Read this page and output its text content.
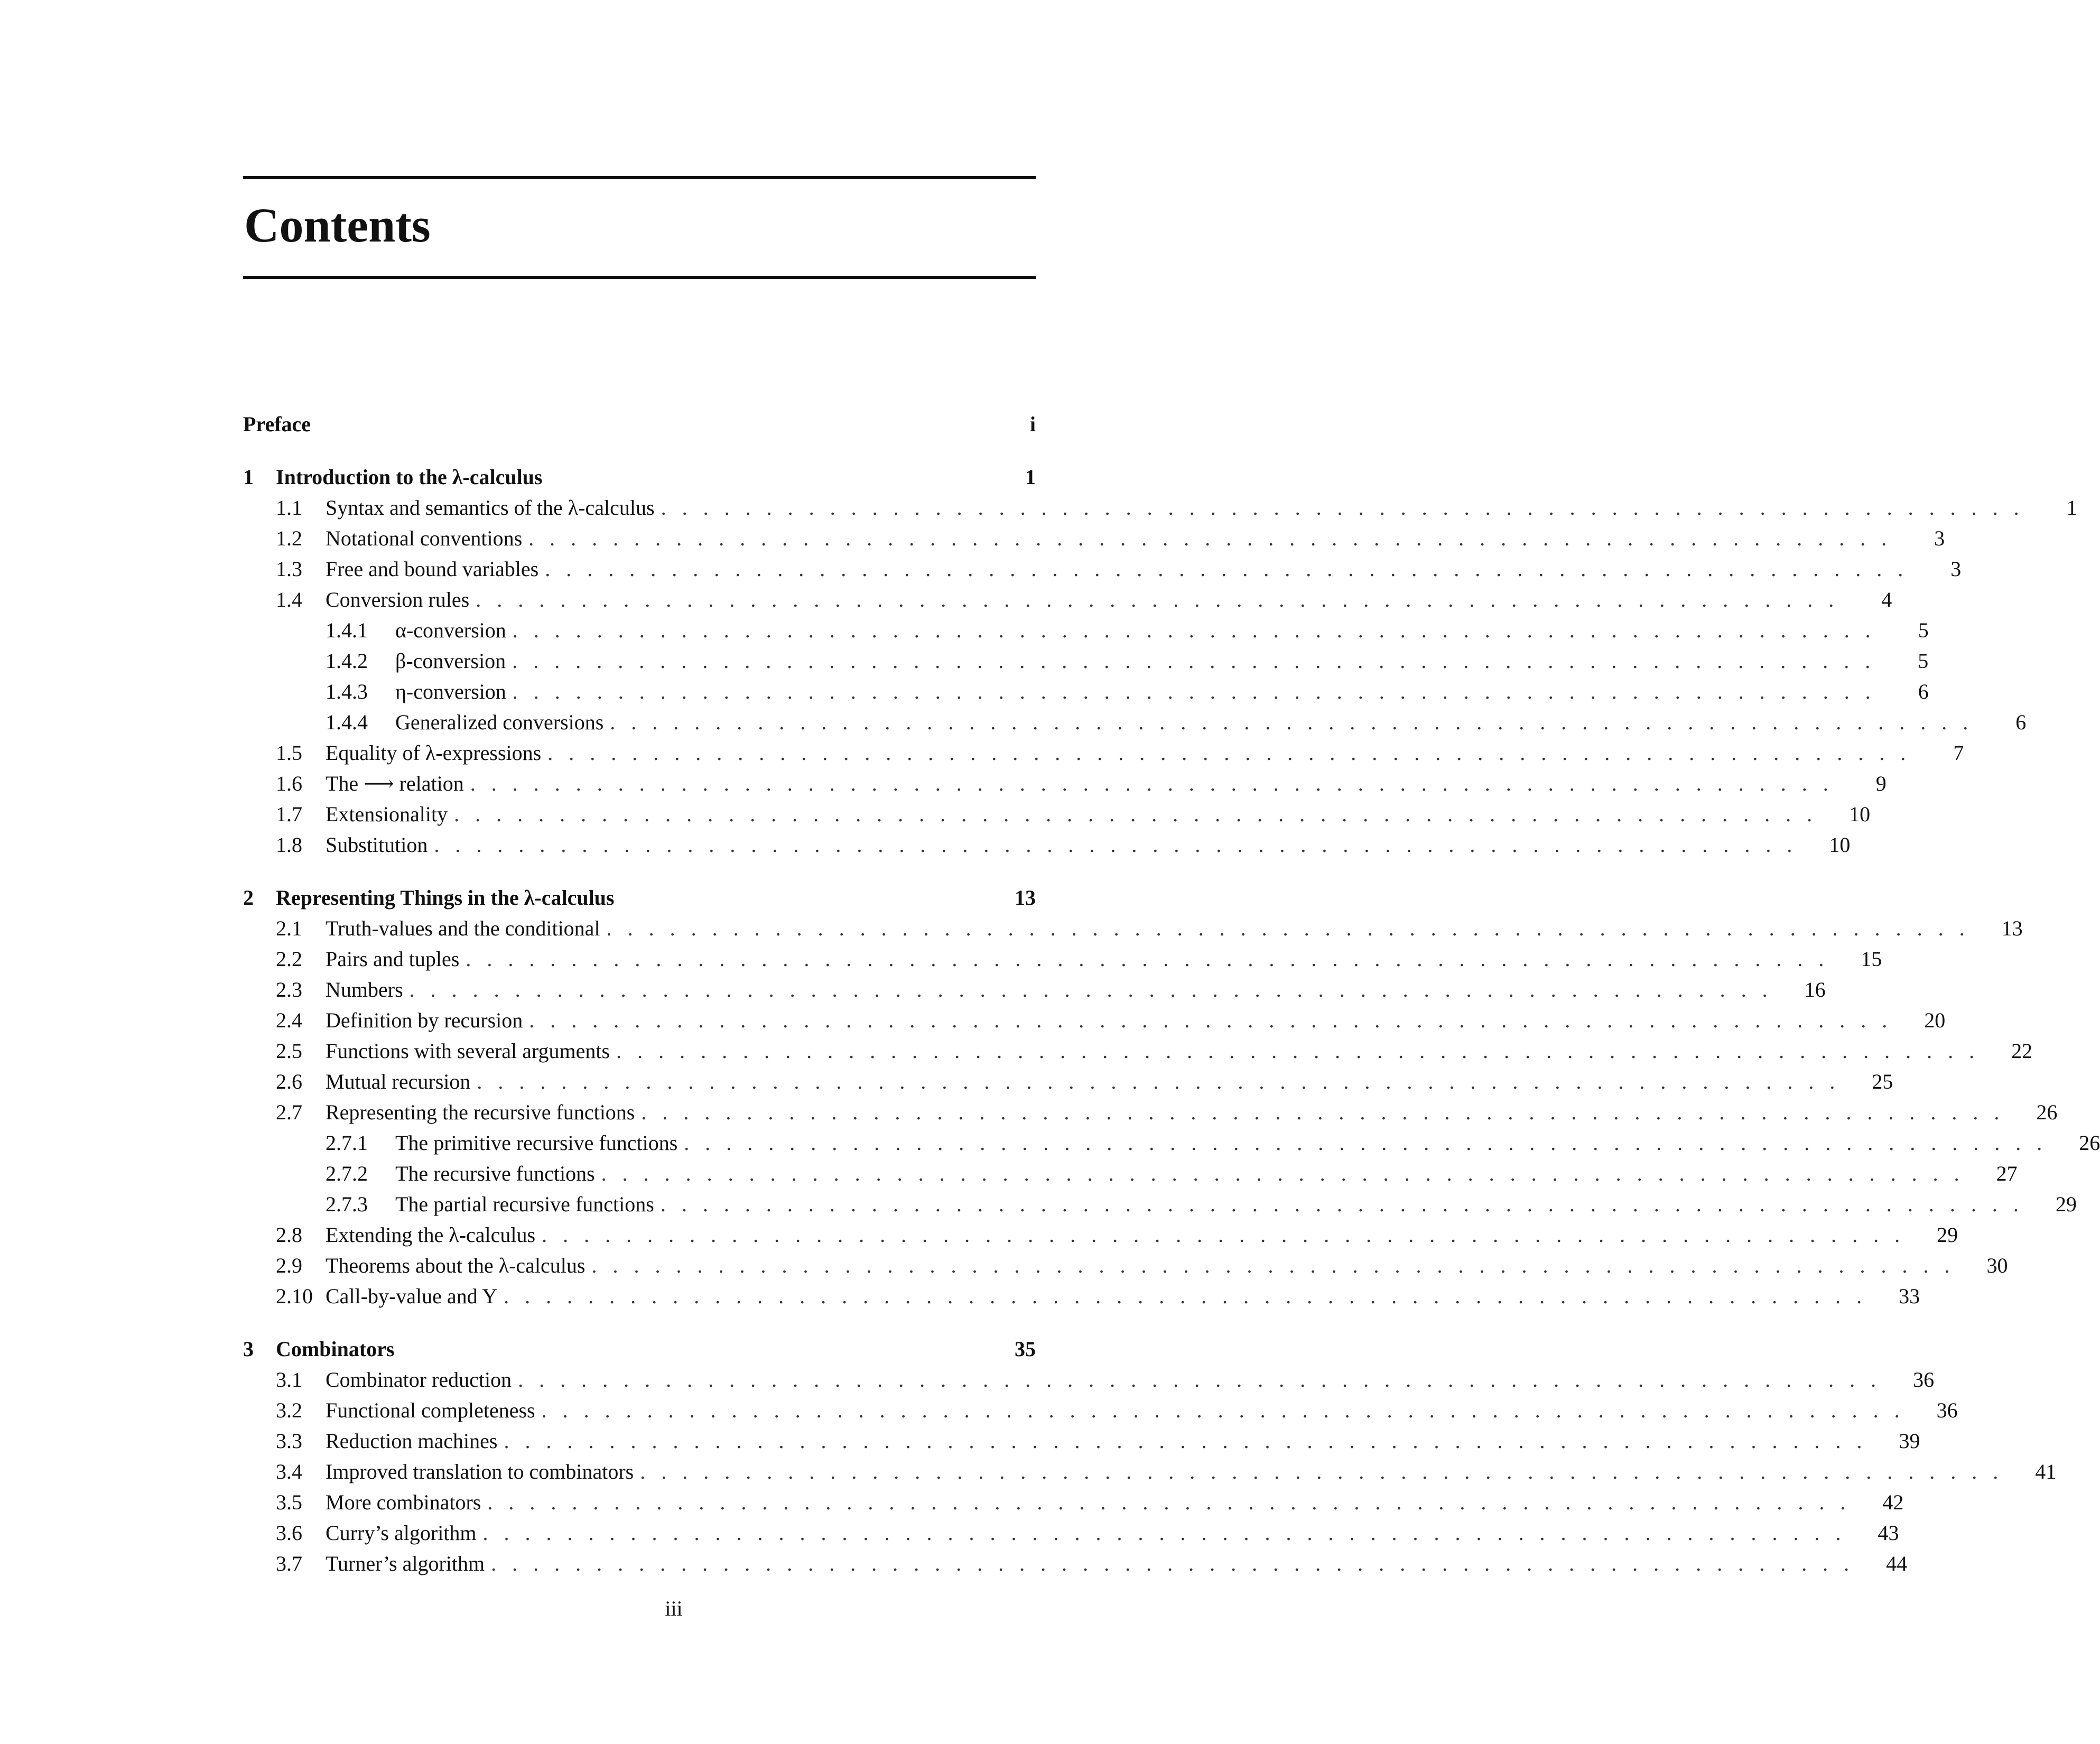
Contents
Preface	i
1	Introduction to the λ-calculus	1
1.1	Syntax and semantics of the λ-calculus . . . . . . . . . . . . . . . . . . . . . . . . . . . . . . . . . . . . . . . . . . . . . . . . . . . . . . . . . . . . . . . . .	1
1.2	Notational conventions . . . . . . . . . . . . . . . . . . . . . . . . . . . . . . . . . . . . . . . . . . . . . . . . . . . . . . . . . . . . . . . . .	3
1.3	Free and bound variables . . . . . . . . . . . . . . . . . . . . . . . . . . . . . . . . . . . . . . . . . . . . . . . . . . . . . . . . . . . . . . . . .	3
1.4	Conversion rules . . . . . . . . . . . . . . . . . . . . . . . . . . . . . . . . . . . . . . . . . . . . . . . . . . . . . . . . . . . . . . . . .	4
1.4.1	α-conversion . . . . . . . . . . . . . . . . . . . . . . . . . . . . . . . . . . . . . . . . . . . . . . . . . . . . . . . . . . . . . . . . .	5
1.4.2	β-conversion . . . . . . . . . . . . . . . . . . . . . . . . . . . . . . . . . . . . . . . . . . . . . . . . . . . . . . . . . . . . . . . . .	5
1.4.3	η-conversion . . . . . . . . . . . . . . . . . . . . . . . . . . . . . . . . . . . . . . . . . . . . . . . . . . . . . . . . . . . . . . . . .	6
1.4.4	Generalized conversions . . . . . . . . . . . . . . . . . . . . . . . . . . . . . . . . . . . . . . . . . . . . . . . . . . . . . . . . . . . . . . . . .	6
1.5	Equality of λ-expressions . . . . . . . . . . . . . . . . . . . . . . . . . . . . . . . . . . . . . . . . . . . . . . . . . . . . . . . . . . . . . . . . .	7
1.6	The ⟶ relation . . . . . . . . . . . . . . . . . . . . . . . . . . . . . . . . . . . . . . . . . . . . . . . . . . . . . . . . . . . . . . . . .	9
1.7	Extensionality . . . . . . . . . . . . . . . . . . . . . . . . . . . . . . . . . . . . . . . . . . . . . . . . . . . . . . . . . . . . . . . . .	10
1.8	Substitution . . . . . . . . . . . . . . . . . . . . . . . . . . . . . . . . . . . . . . . . . . . . . . . . . . . . . . . . . . . . . . . . .	10
2	Representing Things in the λ-calculus	13
2.1	Truth-values and the conditional . . . . . . . . . . . . . . . . . . . . . . . . . . . . . . . . . . . . . . . . . . . . . . . . . . . . . . . . . . . . . . . . .	13
2.2	Pairs and tuples . . . . . . . . . . . . . . . . . . . . . . . . . . . . . . . . . . . . . . . . . . . . . . . . . . . . . . . . . . . . . . . . .	15
2.3	Numbers . . . . . . . . . . . . . . . . . . . . . . . . . . . . . . . . . . . . . . . . . . . . . . . . . . . . . . . . . . . . . . . . .	16
2.4	Definition by recursion . . . . . . . . . . . . . . . . . . . . . . . . . . . . . . . . . . . . . . . . . . . . . . . . . . . . . . . . . . . . . . . . .	20
2.5	Functions with several arguments . . . . . . . . . . . . . . . . . . . . . . . . . . . . . . . . . . . . . . . . . . . . . . . . . . . . . . . . . . . . . . . . .	22
2.6	Mutual recursion . . . . . . . . . . . . . . . . . . . . . . . . . . . . . . . . . . . . . . . . . . . . . . . . . . . . . . . . . . . . . . . . .	25
2.7	Representing the recursive functions . . . . . . . . . . . . . . . . . . . . . . . . . . . . . . . . . . . . . . . . . . . . . . . . . . . . . . . . . . . . . . . . .	26
2.7.1	The primitive recursive functions . . . . . . . . . . . . . . . . . . . . . . . . . . . . . . . . . . . . . . . . . . . . . . . . . . . . . . . . . . . . . . . . .	26
2.7.2	The recursive functions . . . . . . . . . . . . . . . . . . . . . . . . . . . . . . . . . . . . . . . . . . . . . . . . . . . . . . . . . . . . . . . . .	27
2.7.3	The partial recursive functions . . . . . . . . . . . . . . . . . . . . . . . . . . . . . . . . . . . . . . . . . . . . . . . . . . . . . . . . . . . . . . . . .	29
2.8	Extending the λ-calculus . . . . . . . . . . . . . . . . . . . . . . . . . . . . . . . . . . . . . . . . . . . . . . . . . . . . . . . . . . . . . . . . .	29
2.9	Theorems about the λ-calculus . . . . . . . . . . . . . . . . . . . . . . . . . . . . . . . . . . . . . . . . . . . . . . . . . . . . . . . . . . . . . . . . .	30
2.10 Call-by-value and Y . . . . . . . . . . . . . . . . . . . . . . . . . . . . . . . . . . . . . . . . . . . . . . . . . . . . . . . . . . . . . . . . .	33
3	Combinators	35
3.1	Combinator reduction . . . . . . . . . . . . . . . . . . . . . . . . . . . . . . . . . . . . . . . . . . . . . . . . . . . . . . . . . . . . . . . . .	36
3.2	Functional completeness . . . . . . . . . . . . . . . . . . . . . . . . . . . . . . . . . . . . . . . . . . . . . . . . . . . . . . . . . . . . . . . . .	36
3.3	Reduction machines . . . . . . . . . . . . . . . . . . . . . . . . . . . . . . . . . . . . . . . . . . . . . . . . . . . . . . . . . . . . . . . . .	39
3.4	Improved translation to combinators . . . . . . . . . . . . . . . . . . . . . . . . . . . . . . . . . . . . . . . . . . . . . . . . . . . . . . . . . . . . . . . . .	41
3.5	More combinators . . . . . . . . . . . . . . . . . . . . . . . . . . . . . . . . . . . . . . . . . . . . . . . . . . . . . . . . . . . . . . . . .	42
3.6	Curry’s algorithm . . . . . . . . . . . . . . . . . . . . . . . . . . . . . . . . . . . . . . . . . . . . . . . . . . . . . . . . . . . . . . . . .	43
3.7	Turner’s algorithm . . . . . . . . . . . . . . . . . . . . . . . . . . . . . . . . . . . . . . . . . . . . . . . . . . . . . . . . . . . . . . . . .	44
iii
